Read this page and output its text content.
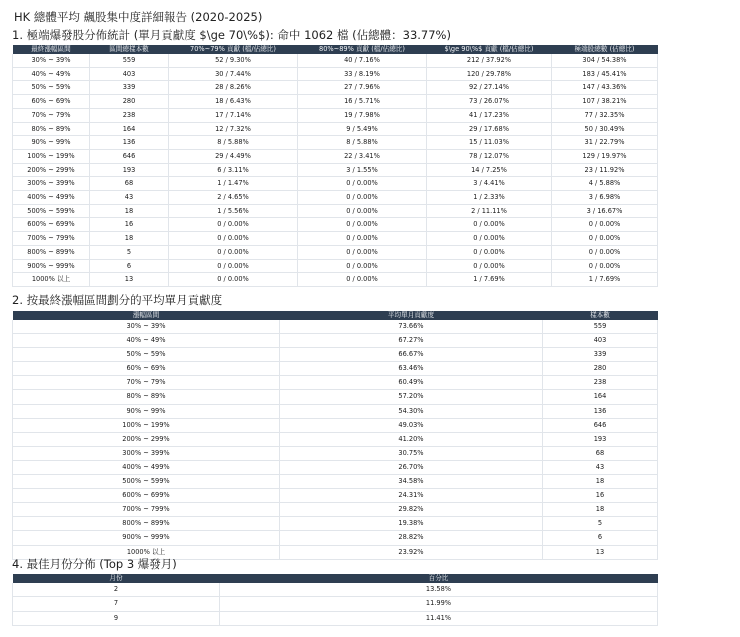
HK 總體平均 飆股集中度詳細報告 (2020-2025)
1. 極端爆發股分佈統計 (單月貢獻度 $\ge 70\%$): 命中 1062 檔 (佔總體：33.77%)
最終漲幅區間	區間總樣本數	70%~79% 貢獻 (檔/佔總比)	80%~89% 貢獻 (檔/佔總比)	$\ge 90\%$ 貢獻 (檔/佔總比)	極端股總數 (佔總比)
30% ~ 39%	559	52 / 9.30%	40 / 7.16%	212 / 37.92%	304 / 54.38%
40% ~ 49%	403	30 / 7.44%	33 / 8.19%	120 / 29.78%	183 / 45.41%
50% ~ 59%	339	28 / 8.26%	27 / 7.96%	92 / 27.14%	147 / 43.36%
60% ~ 69%	280	18 / 6.43%	16 / 5.71%	73 / 26.07%	107 / 38.21%
70% ~ 79%	238	17 / 7.14%	19 / 7.98%	41 / 17.23%	77 / 32.35%
80% ~ 89%	164	12 / 7.32%	9 / 5.49%	29 / 17.68%	50 / 30.49%
90% ~ 99%	136	8 / 5.88%	8 / 5.88%	15 / 11.03%	31 / 22.79%
100% ~ 199%	646	29 / 4.49%	22 / 3.41%	78 / 12.07%	129 / 19.97%
200% ~ 299%	193	6 / 3.11%	3 / 1.55%	14 / 7.25%	23 / 11.92%
300% ~ 399%	68	1 / 1.47%	0 / 0.00%	3 / 4.41%	4 / 5.88%
400% ~ 499%	43	2 / 4.65%	0 / 0.00%	1 / 2.33%	3 / 6.98%
500% ~ 599%	18	1 / 5.56%	0 / 0.00%	2 / 11.11%	3 / 16.67%
600% ~ 699%	16	0 / 0.00%	0 / 0.00%	0 / 0.00%	0 / 0.00%
700% ~ 799%	18	0 / 0.00%	0 / 0.00%	0 / 0.00%	0 / 0.00%
800% ~ 899%	5	0 / 0.00%	0 / 0.00%	0 / 0.00%	0 / 0.00%
900% ~ 999%	6	0 / 0.00%	0 / 0.00%	0 / 0.00%	0 / 0.00%
1000% 以上	13	0 / 0.00%	0 / 0.00%	1 / 7.69%	1 / 7.69%
2. 按最終漲幅區間劃分的平均單月貢獻度
漲幅區間	平均單月貢獻度	樣本數
30% ~ 39%	73.66%	559
40% ~ 49%	67.27%	403
50% ~ 59%	66.67%	339
60% ~ 69%	63.46%	280
70% ~ 79%	60.49%	238
80% ~ 89%	57.20%	164
90% ~ 99%	54.30%	136
100% ~ 199%	49.03%	646
200% ~ 299%	41.20%	193
300% ~ 399%	30.75%	68
400% ~ 499%	26.70%	43
500% ~ 599%	34.58%	18
600% ~ 699%	24.31%	16
700% ~ 799%	29.82%	18
800% ~ 899%	19.38%	5
900% ~ 999%	28.82%	6
1000% 以上	23.92%	13
4. 最佳月份分佈 (Top 3 爆發月)
月份	百分比
2	13.58%
7	11.99%
9	11.41%
